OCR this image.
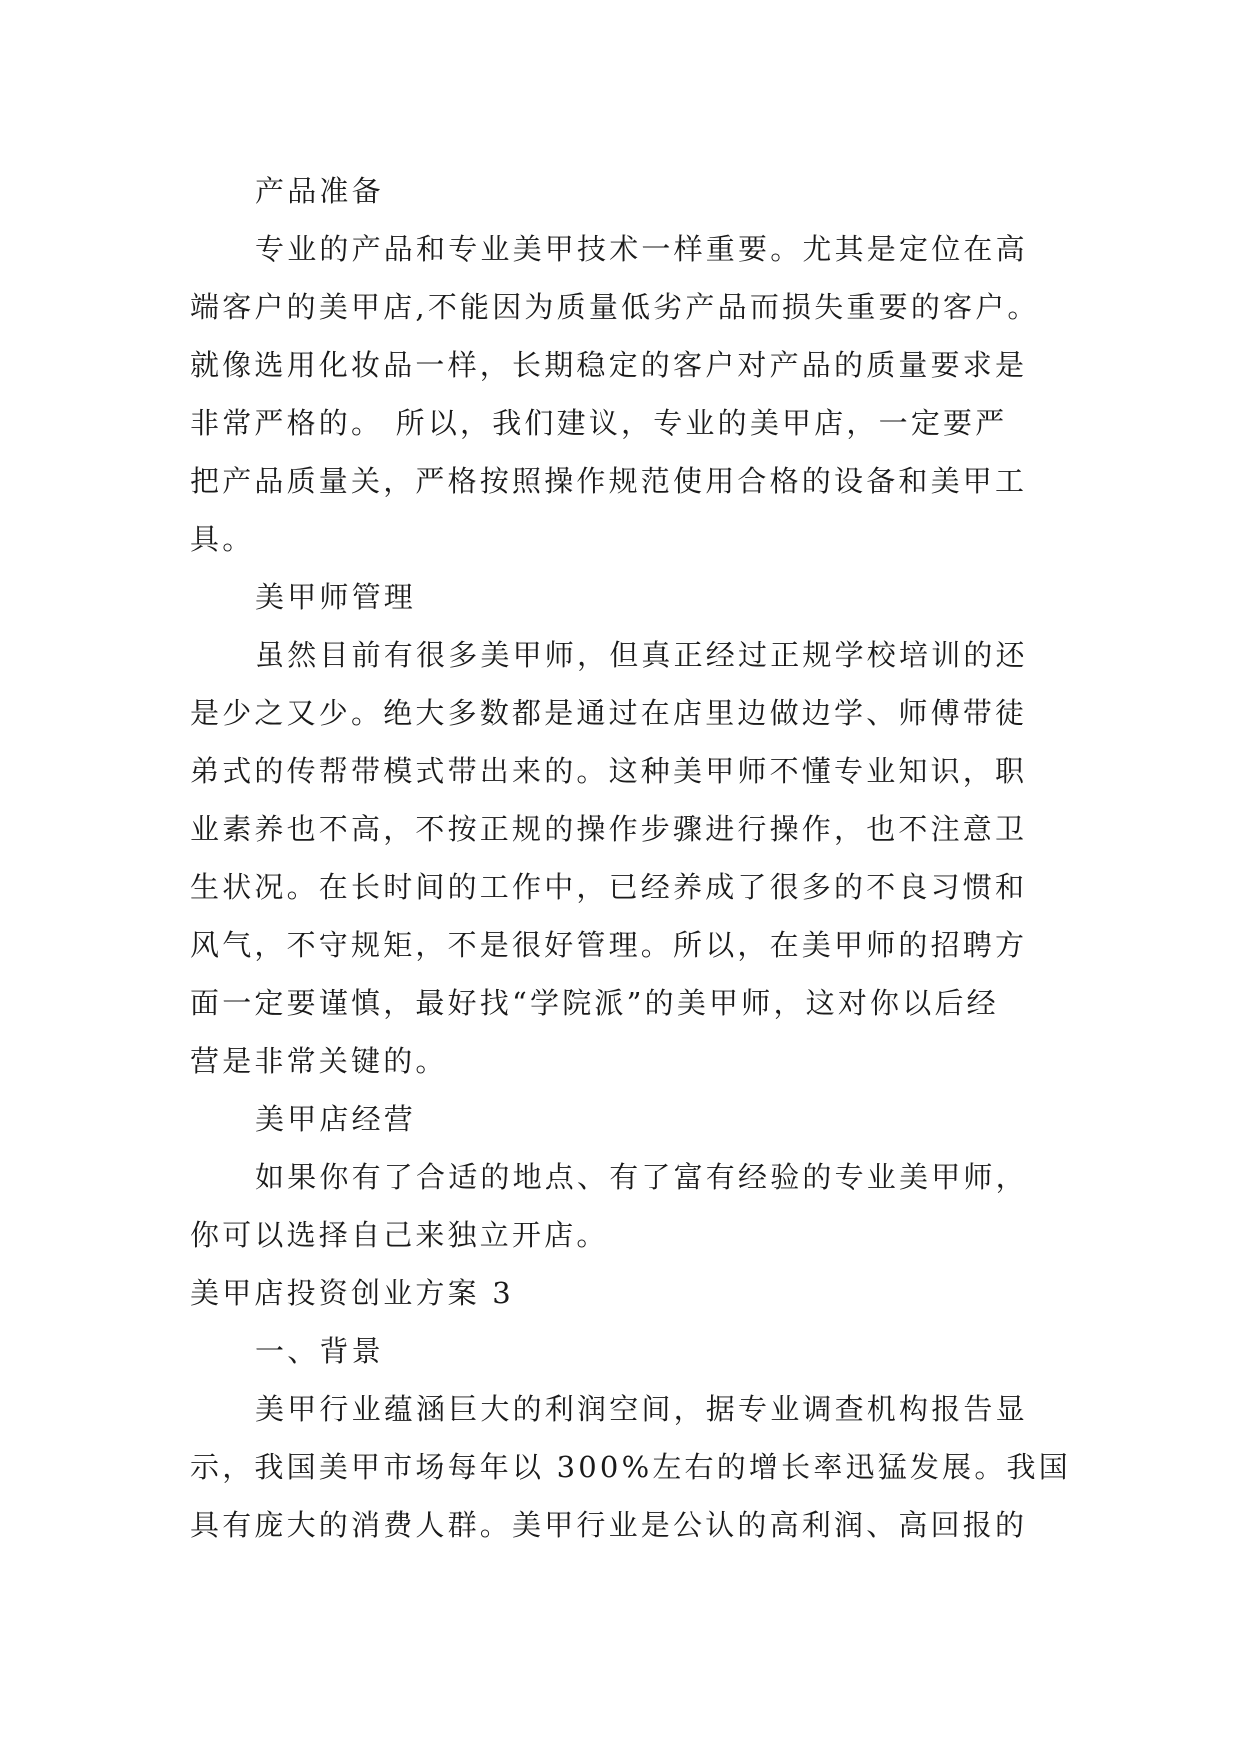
产品准备
专业的产品和专业美甲技术一样重要。尤其是定位在高
端客户的美甲店,不能因为质量低劣产品而损失重要的客户。
就像选用化妆品一样，长期稳定的客户对产品的质量要求是
非常严格的。 所以，我们建议，专业的美甲店，一定要严
把产品质量关，严格按照操作规范使用合格的设备和美甲工
具。
美甲师管理
虽然目前有很多美甲师，但真正经过正规学校培训的还
是少之又少。绝大多数都是通过在店里边做边学、师傅带徒
弟式的传帮带模式带出来的。这种美甲师不懂专业知识，职
业素养也不高，不按正规的操作步骤进行操作，也不注意卫
生状况。在长时间的工作中，已经养成了很多的不良习惯和
风气，不守规矩，不是很好管理。所以，在美甲师的招聘方
面一定要谨慎，最好找“学院派”的美甲师，这对你以后经
营是非常关键的。
美甲店经营
如果你有了合适的地点、有了富有经验的专业美甲师，
你可以选择自己来独立开店。
美甲店投资创业方案 3
一、背景
美甲行业蕴涵巨大的利润空间，据专业调查机构报告显
示，我国美甲市场每年以 300%左右的增长率迅猛发展。我国
具有庞大的消费人群。美甲行业是公认的高利润、高回报的
